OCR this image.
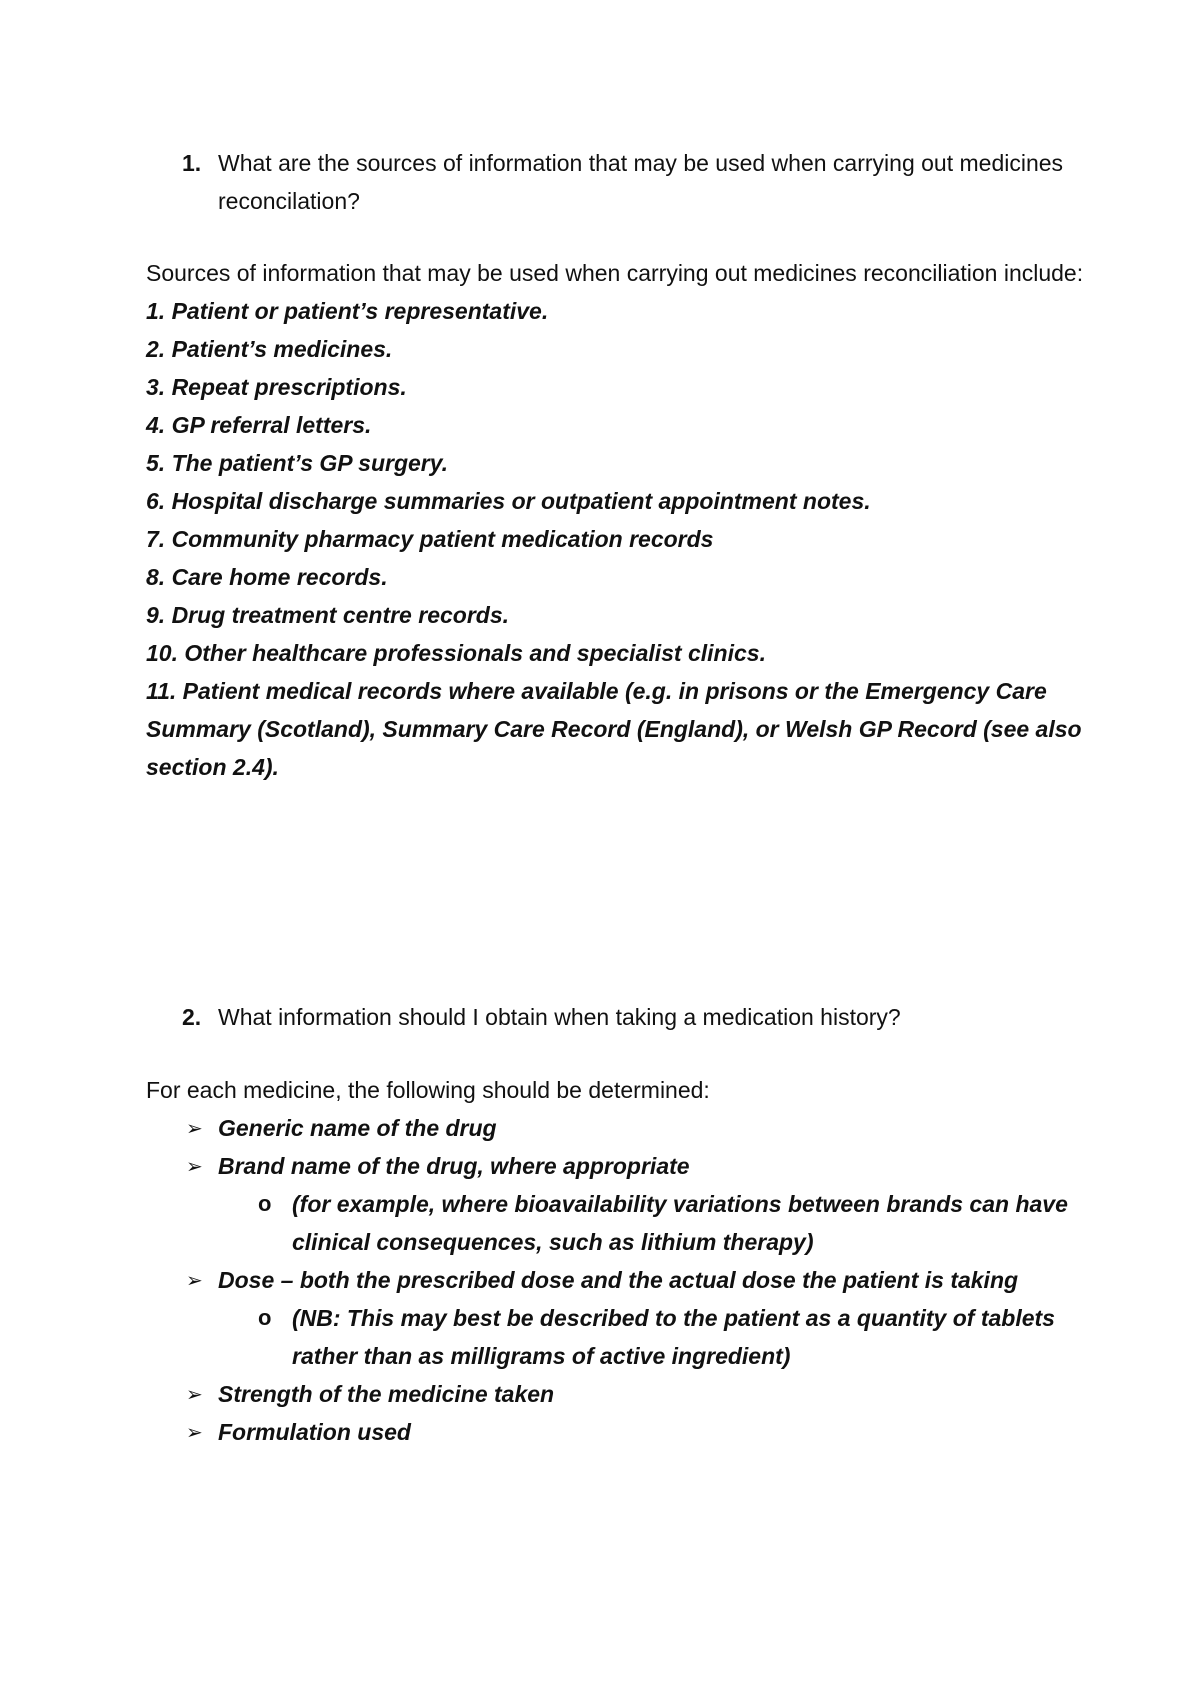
1. What are the sources of information that may be used when carrying out medicines reconcilation?
Sources of information that may be used when carrying out medicines reconciliation include:
1. Patient or patient’s representative.
2. Patient’s medicines.
3. Repeat prescriptions.
4. GP referral letters.
5. The patient’s GP surgery.
6. Hospital discharge summaries or outpatient appointment notes.
7. Community pharmacy patient medication records
8. Care home records.
9. Drug treatment centre records.
10. Other healthcare professionals and specialist clinics.
11. Patient medical records where available (e.g. in prisons or the Emergency Care Summary (Scotland), Summary Care Record (England), or Welsh GP Record (see also section 2.4).
2. What information should I obtain when taking a medication history?
For each medicine, the following should be determined:
➢ Generic name of the drug
➢ Brand name of the drug, where appropriate
o (for example, where bioavailability variations between brands can have clinical consequences, such as lithium therapy)
➢ Dose – both the prescribed dose and the actual dose the patient is taking
o (NB: This may best be described to the patient as a quantity of tablets rather than as milligrams of active ingredient)
➢ Strength of the medicine taken
➢ Formulation used
